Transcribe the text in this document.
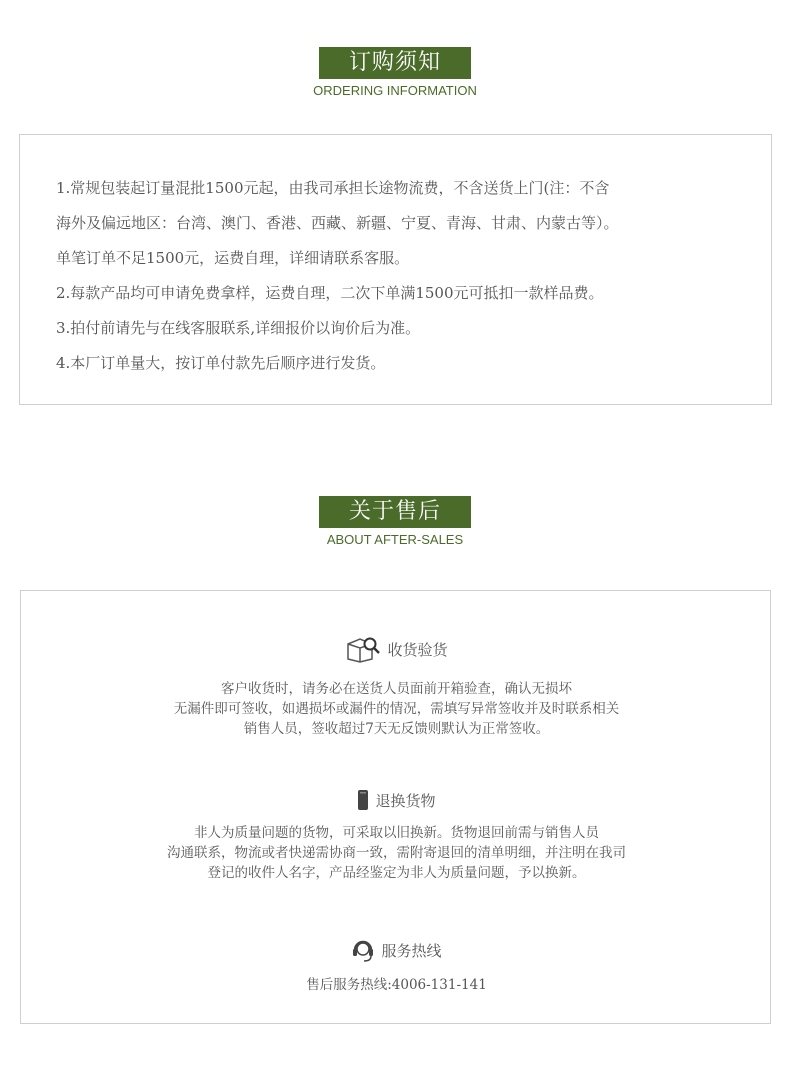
订购须知
ORDERING INFORMATION
1.常规包装起订量混批1500元起，由我司承担长途物流费，不含送货上门(注：不含
海外及偏远地区：台湾、澳门、香港、西藏、新疆、宁夏、青海、甘肃、内蒙古等）。
单笔订单不足1500元，运费自理，详细请联系客服。
2.每款产品均可申请免费拿样，运费自理，二次下单满1500元可抵扣一款样品费。
3.拍付前请先与在线客服联系,详细报价以询价后为准。
4.本厂订单量大，按订单付款先后顺序进行发货。
关于售后
ABOUT AFTER-SALES
收货验货
客户收货时，请务必在送货人员面前开箱验查，确认无损坏
无漏件即可签收，如遇损坏或漏件的情况，需填写异常签收并及时联系相关
销售人员，签收超过7天无反馈则默认为正常签收。
退换货物
非人为质量问题的货物，可采取以旧换新。货物退回前需与销售人员
沟通联系，物流或者快递需协商一致，需附寄退回的清单明细，并注明在我司
登记的收件人名字，产品经鉴定为非人为质量问题，予以换新。
服务热线
售后服务热线:4006-131-141
